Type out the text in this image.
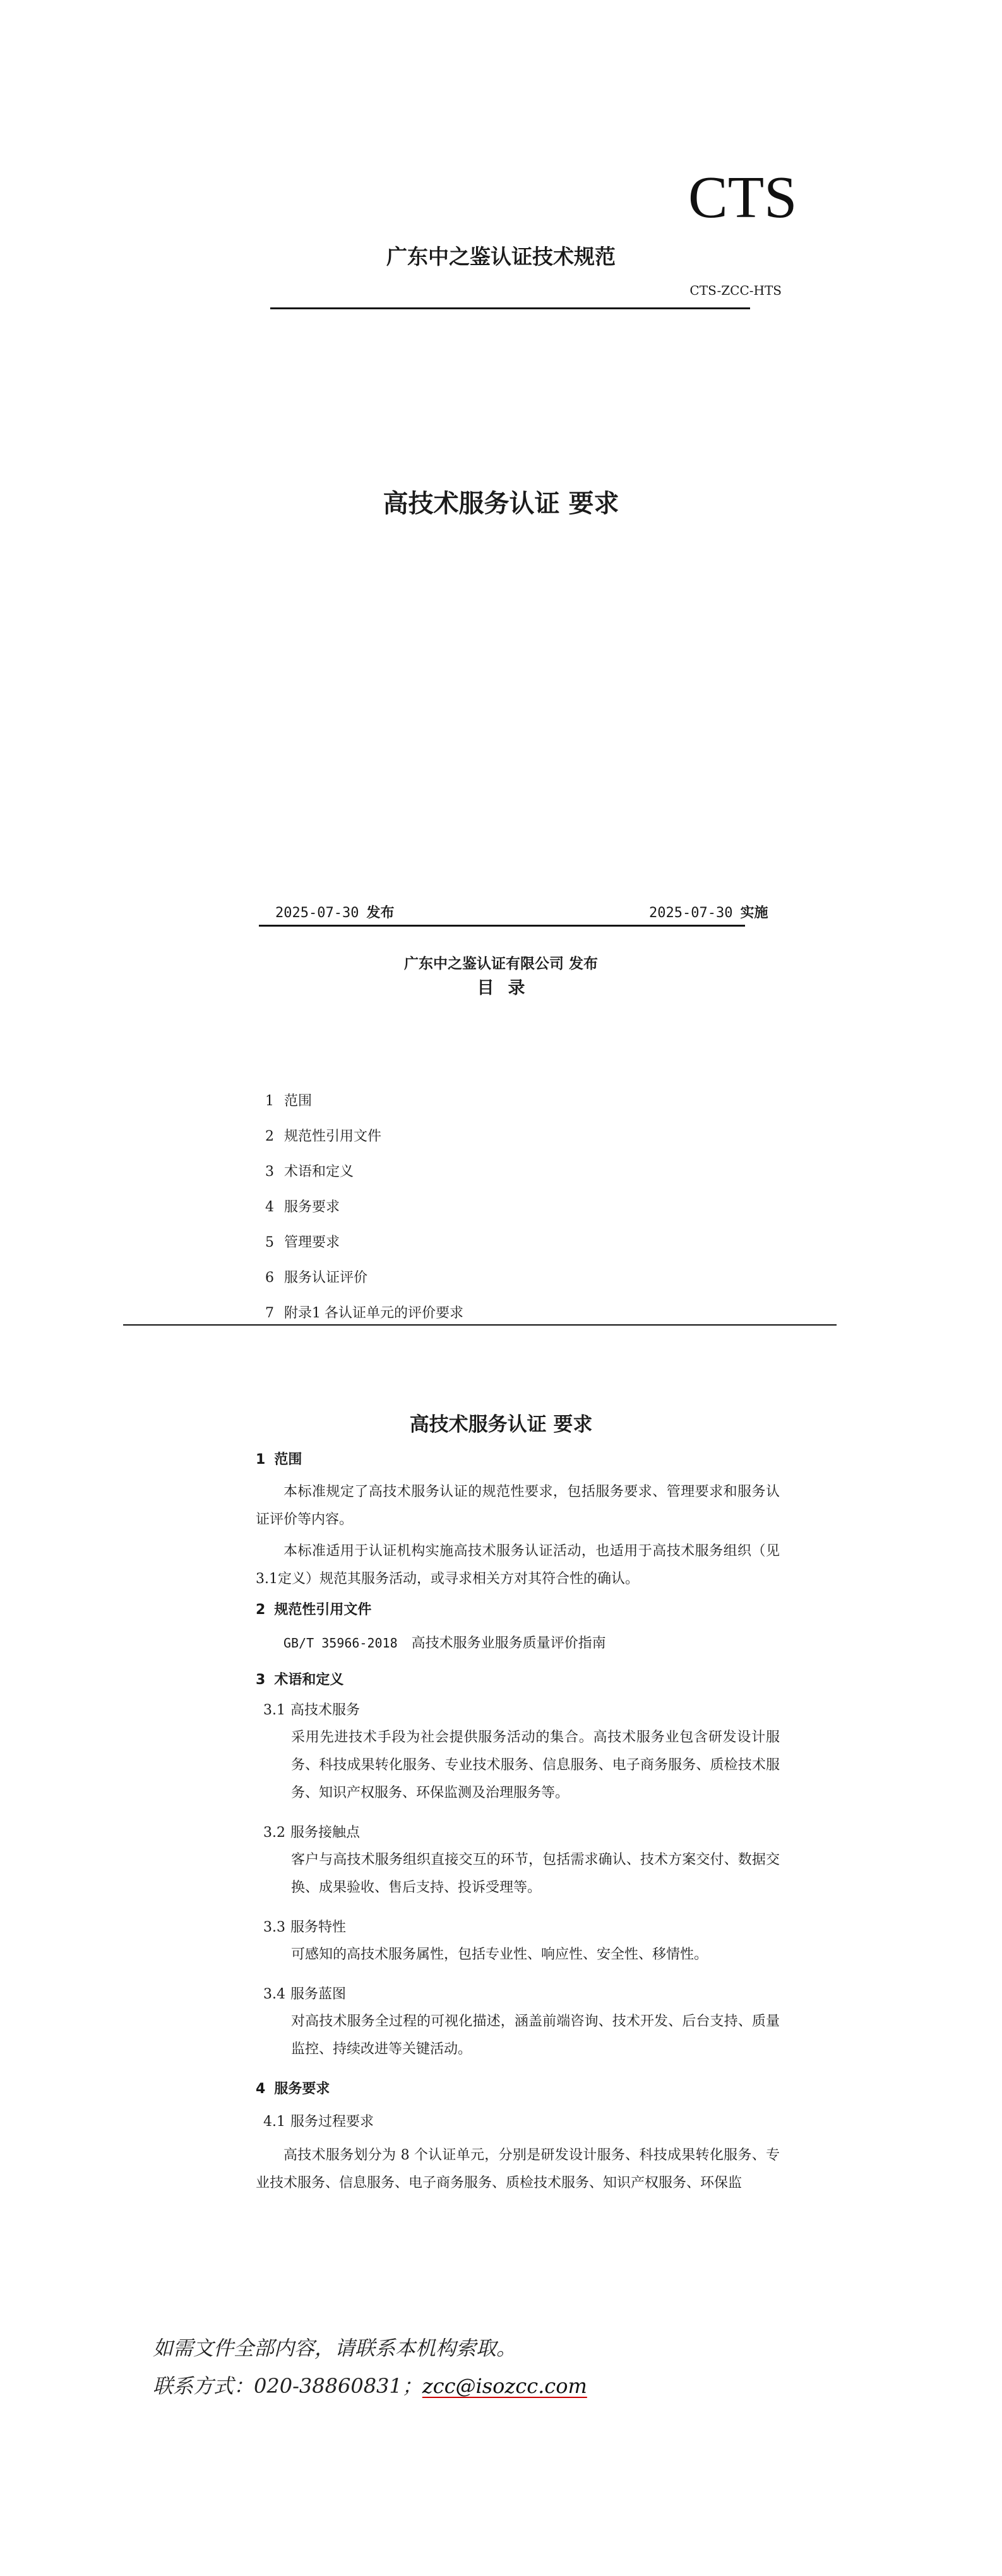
CTS
广东中之鉴认证技术规范
CTS-ZCC-HTS
高技术服务认证 要求
2025-07-30 发布	2025-07-30 实施
广东中之鉴认证有限公司 发布
目录
1 范围
2 规范性引用文件
3 术语和定义
4 服务要求
5 管理要求
6 服务认证评价
7 附录1 各认证单元的评价要求
高技术服务认证 要求

1 范围

本标准规定了高技术服务认证的规范性要求，包括服务要求、管理要求和服务认证评价等内容。

本标准适用于认证机构实施高技术服务认证活动，也适用于高技术服务组织（见3.1定义）规范其服务活动，或寻求相关方对其符合性的确认。

2 规范性引用文件

GB/T 35966-2018 高技术服务业服务质量评价指南

3 术语和定义

3.1 高技术服务

采用先进技术手段为社会提供服务活动的集合。高技术服务业包含研发设计服务、科技成果转化服务、专业技术服务、信息服务、电子商务服务、质检技术服务、知识产权服务、环保监测及治理服务等。

3.2 服务接触点

客户与高技术服务组织直接交互的环节，包括需求确认、技术方案交付、数据交换、成果验收、售后支持、投诉受理等。

3.3 服务特性

可感知的高技术服务属性，包括专业性、响应性、安全性、移情性。

3.4 服务蓝图

对高技术服务全过程的可视化描述，涵盖前端咨询、技术开发、后台支持、质量监控、持续改进等关键活动。

4 服务要求

4.1 服务过程要求

高技术服务划分为 8 个认证单元，分别是研发设计服务、科技成果转化服务、专业技术服务、信息服务、电子商务服务、质检技术服务、知识产权服务、环保监

如需文件全部内容，请联系本机构索取。
联系方式：020-38860831；zcc@isozcc.com
